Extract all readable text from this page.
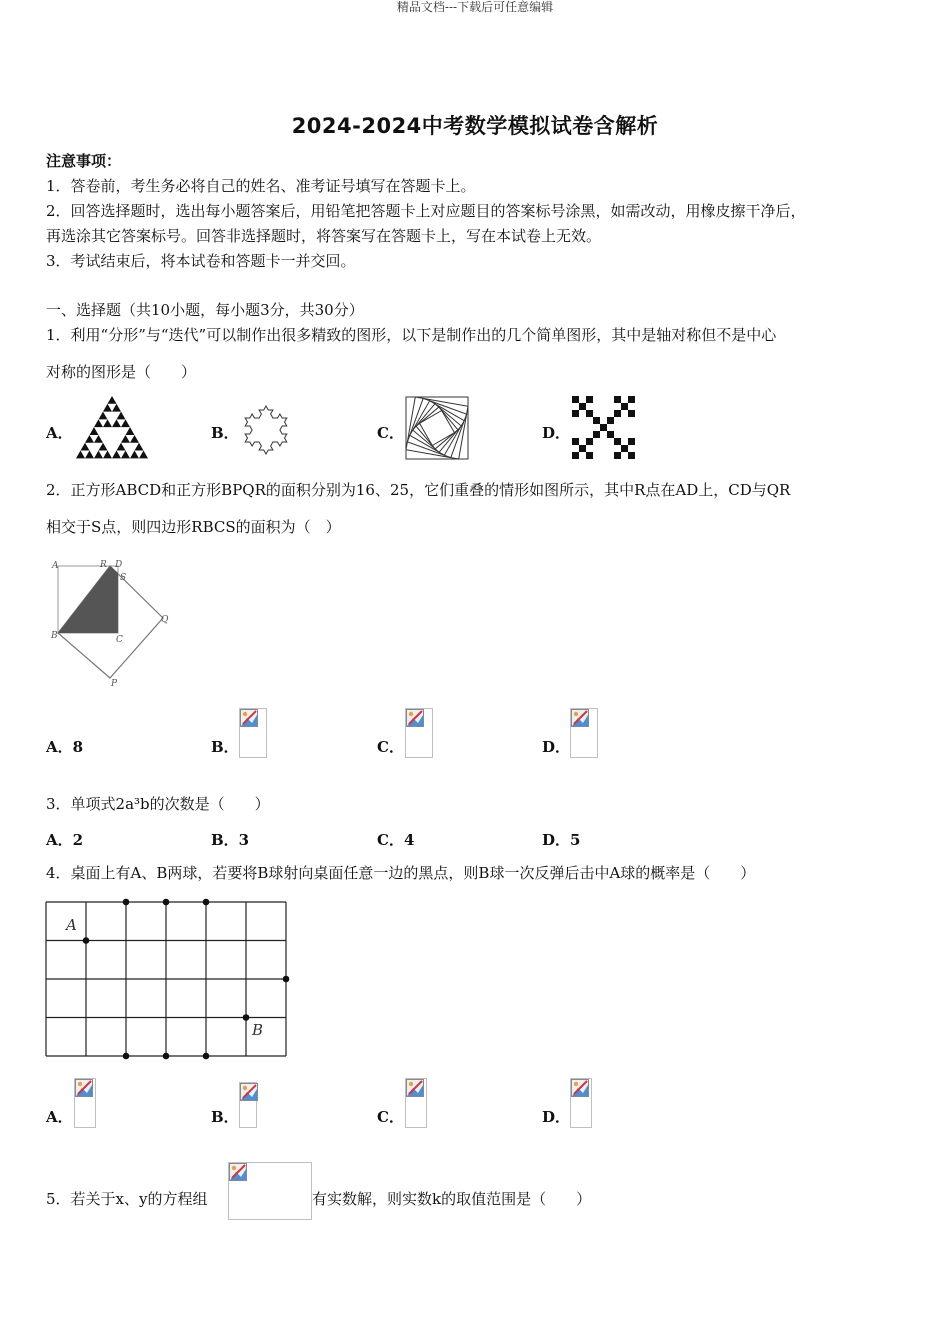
精品文档---下载后可任意编辑
2024-2024中考数学模拟试卷含解析
注意事项：
1．答卷前，考生务必将自己的姓名、准考证号填写在答题卡上。
2．回答选择题时，选出每小题答案后，用铅笔把答题卡上对应题目的答案标号涂黑，如需改动，用橡皮擦干净后，
再选涂其它答案标号。回答非选择题时，将答案写在答题卡上，写在本试卷上无效。
3．考试结束后，将本试卷和答题卡一并交回。
一、选择题（共10小题，每小题3分，共30分）
1．利用“分形”与“迭代”可以制作出很多精致的图形，以下是制作出的几个简单图形，其中是轴对称但不是中心
对称的图形是（　　）
A．	B．	C．	D．
2．正方形ABCD和正方形BPQR的面积分别为16、25，它们重叠的情形如图所示，其中R点在AD上，CD与QR
相交于S点，则四边形RBCS的面积为（　）
A	R D
S
B	C
Q
P
A．8	B．	C．	D．
3．单项式2a³b的次数是（　　）
A．2	B．3	C．4	D．5
4．桌面上有A、B两球，若要将B球射向桌面任意一边的黑点，则B球一次反弹后击中A球的概率是（　　）
A
B
A．	B．	C．	D．
5．若关于x、y的方程组	有实数解，则实数k的取值范围是（　　）
